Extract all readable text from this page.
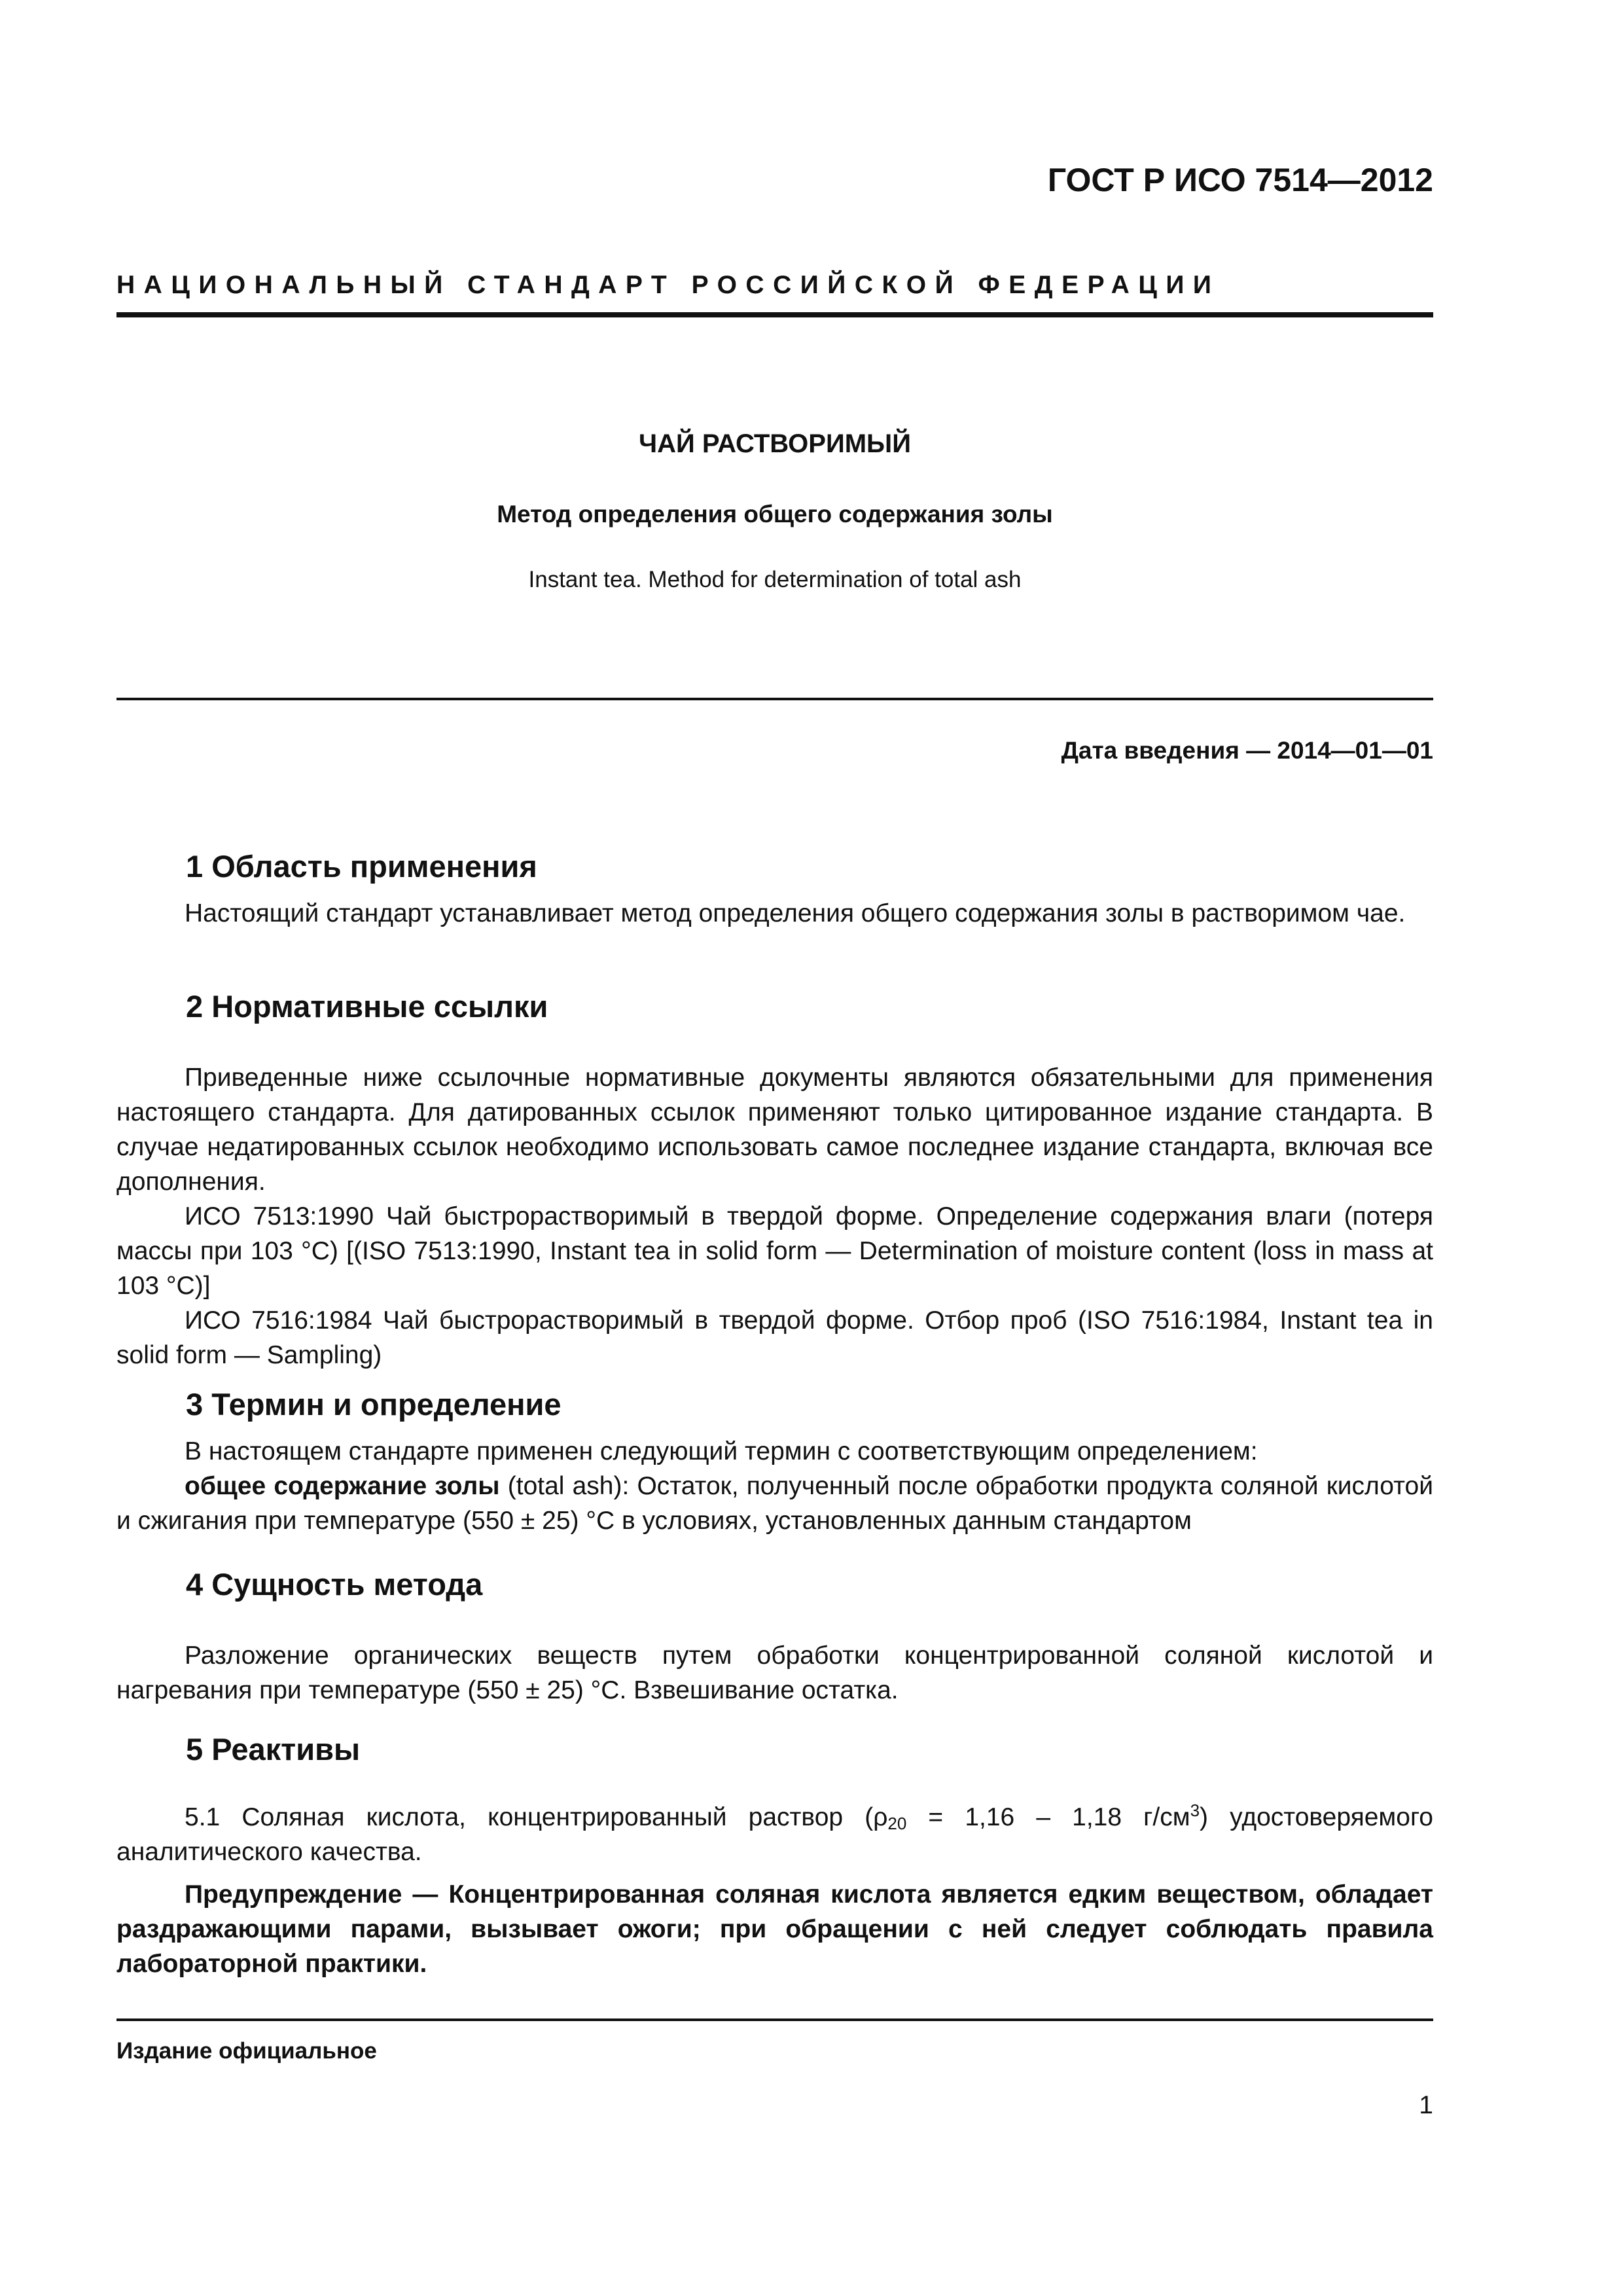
ГОСТ Р ИСО 7514—2012
НАЦИОНАЛЬНЫЙ СТАНДАРТ РОССИЙСКОЙ ФЕДЕРАЦИИ
ЧАЙ РАСТВОРИМЫЙ
Метод определения общего содержания золы
Instant tea. Method for determination of total ash
Дата введения — 2014—01—01
1 Область применения

Настоящий стандарт устанавливает метод определения общего содержания золы в растворимом чае.

2 Нормативные ссылки

Приведенные ниже ссылочные нормативные документы являются обязательными для применения настоящего стандарта. Для датированных ссылок применяют только цитированное издание стандарта. В случае недатированных ссылок необходимо использовать самое последнее издание стандарта, включая все дополнения.

ИСО 7513:1990 Чай быстрорастворимый в твердой форме. Определение содержания влаги (потеря массы при 103 °C) [(ISO 7513:1990, Instant tea in solid form — Determination of moisture content (loss in mass at 103 °C)]

ИСО 7516:1984 Чай быстрорастворимый в твердой форме. Отбор проб (ISO 7516:1984, Instant tea in solid form — Sampling)

3 Термин и определение

В настоящем стандарте применен следующий термин с соответствующим определением:

общее содержание золы (total ash): Остаток, полученный после обработки продукта соляной кислотой и сжигания при температуре (550 ± 25) °C в условиях, установленных данным стандартом

4 Сущность метода

Разложение органических веществ путем обработки концентрированной соляной кислотой и нагревания при температуре (550 ± 25) °C. Взвешивание остатка.

5 Реактивы

5.1 Соляная кислота, концентрированный раствор ($\rho_{20} = 1,16 - 1,18$ $г/см^3$) удостоверяемого аналитического качества.

Предупреждение — Концентрированная соляная кислота является едким веществом, обладает раздражающими парами, вызывает ожоги; при обращении с ней следует соблюдать правила лабораторной практики.

Издание официальное
1
